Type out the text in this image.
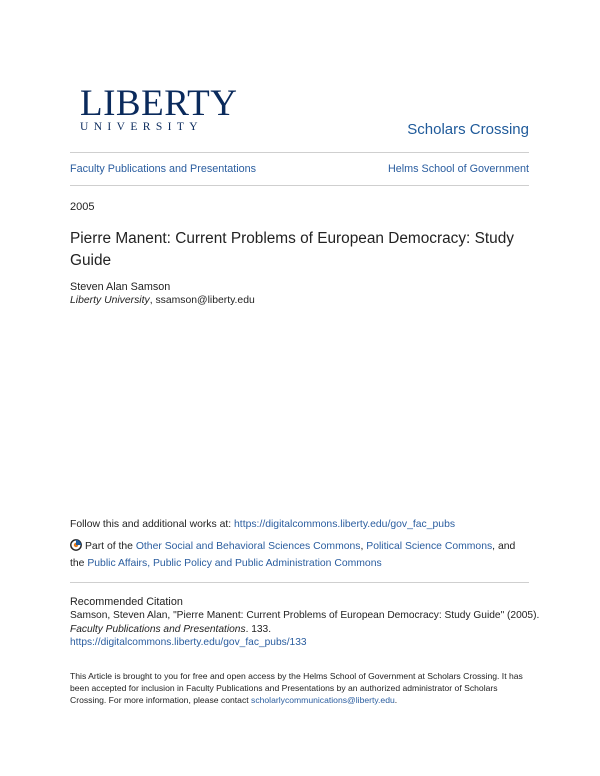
LIBERTY
UNIVERSITY	Scholars Crossing
Faculty Publications and Presentations	Helms School of Government
2005
Pierre Manent: Current Problems of European Democracy: Study Guide
Steven Alan Samson
Liberty University, ssamson@liberty.edu
Follow this and additional works at: https://digitalcommons.liberty.edu/gov_fac_pubs
Part of the Other Social and Behavioral Sciences Commons, Political Science Commons, and the Public Affairs, Public Policy and Public Administration Commons
Recommended Citation
Samson, Steven Alan, "Pierre Manent: Current Problems of European Democracy: Study Guide" (2005).
Faculty Publications and Presentations. 133.
https://digitalcommons.liberty.edu/gov_fac_pubs/133
This Article is brought to you for free and open access by the Helms School of Government at Scholars Crossing. It has been accepted for inclusion in Faculty Publications and Presentations by an authorized administrator of Scholars Crossing. For more information, please contact scholarlycommunications@liberty.edu.
